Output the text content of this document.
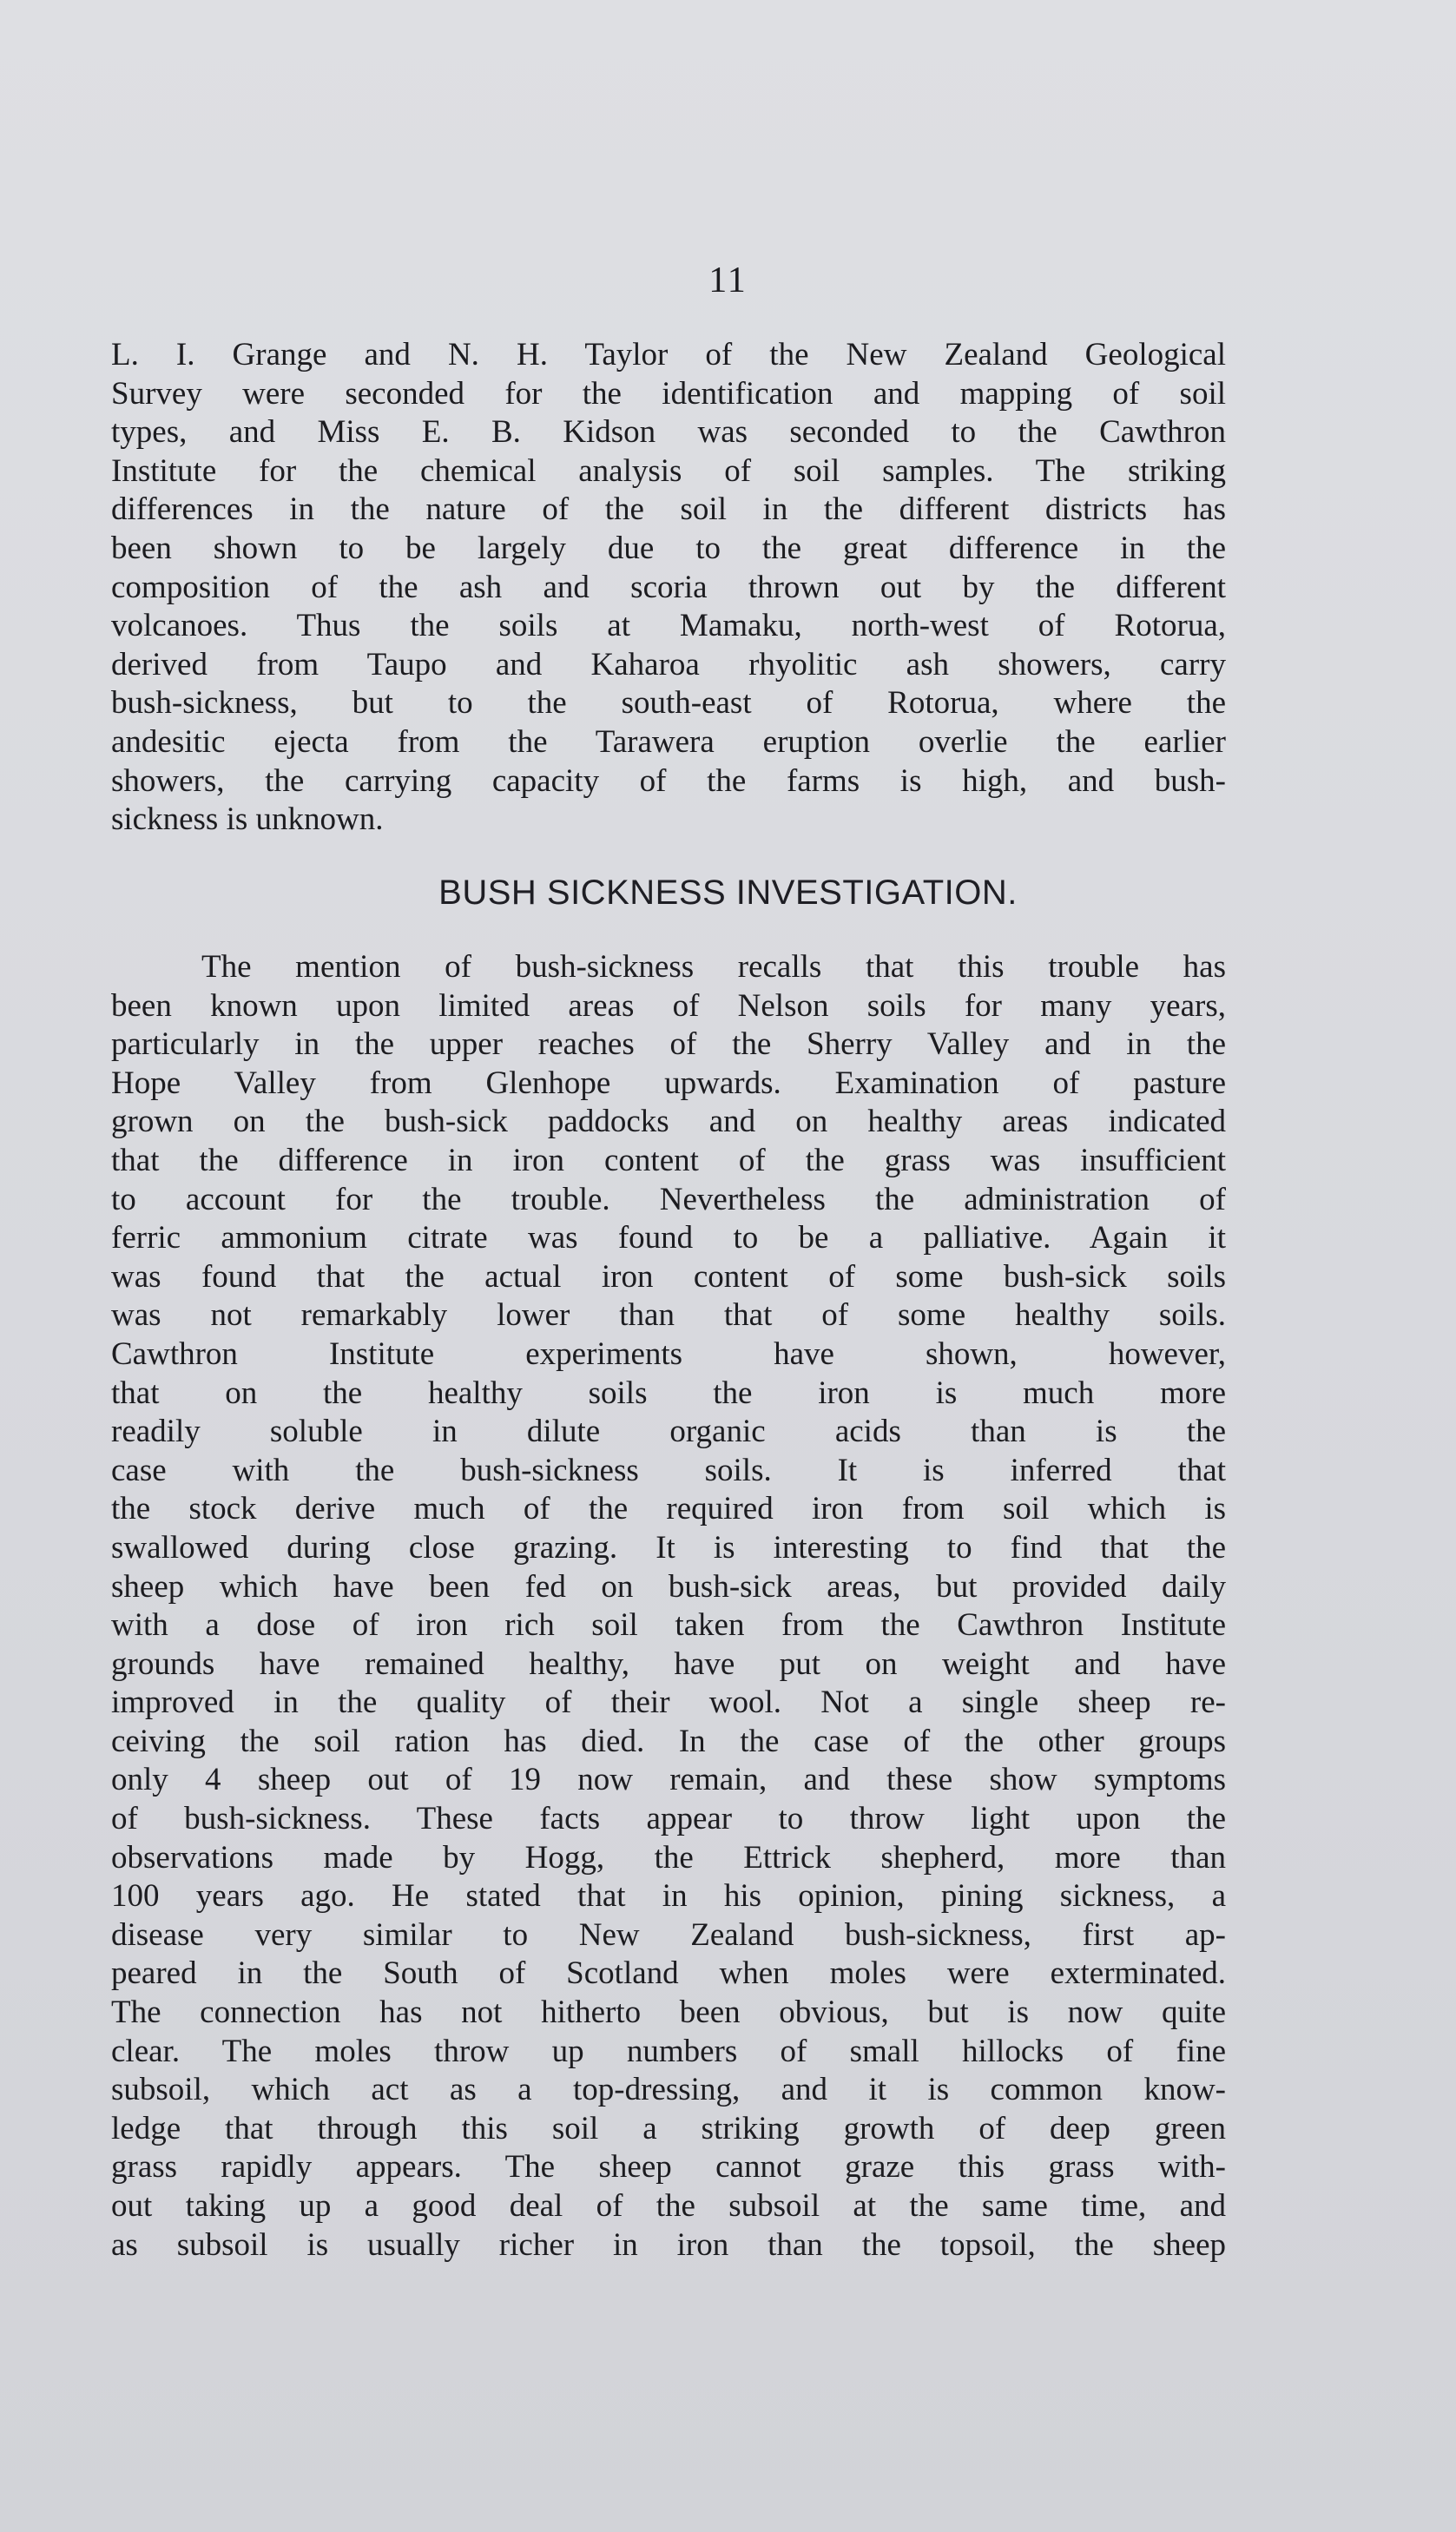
11
L. I. Grange and N. H. Taylor of the New Zealand Geological
Survey were seconded for the identification and mapping of soil
types, and Miss E. B. Kidson was seconded to the Cawthron
Institute for the chemical analysis of soil samples. The striking
differences in the nature of the soil in the different districts has
been shown to be largely due to the great difference in the
composition of the ash and scoria thrown out by the different
volcanoes. Thus the soils at Mamaku, north-west of Rotorua,
derived from Taupo and Kaharoa rhyolitic ash showers, carry
bush-sickness, but to the south-east of Rotorua, where the
andesitic ejecta from the Tarawera eruption overlie the earlier
showers, the carrying capacity of the farms is high, and bush-
sickness is unknown.
BUSH SICKNESS INVESTIGATION.
The mention of bush-sickness recalls that this trouble has
been known upon limited areas of Nelson soils for many years,
particularly in the upper reaches of the Sherry Valley and in the
Hope Valley from Glenhope upwards. Examination of pasture
grown on the bush-sick paddocks and on healthy areas indicated
that the difference in iron content of the grass was insufficient
to account for the trouble. Nevertheless the administration of
ferric ammonium citrate was found to be a palliative. Again it
was found that the actual iron content of some bush-sick soils
was not remarkably lower than that of some healthy soils.
Cawthron Institute experiments have shown, however,
that on the healthy soils the iron is much more
readily soluble in dilute organic acids than is the
case with the bush-sickness soils. It is inferred that
the stock derive much of the required iron from soil which is
swallowed during close grazing. It is interesting to find that the
sheep which have been fed on bush-sick areas, but provided daily
with a dose of iron rich soil taken from the Cawthron Institute
grounds have remained healthy, have put on weight and have
improved in the quality of their wool. Not a single sheep re-
ceiving the soil ration has died. In the case of the other groups
only 4 sheep out of 19 now remain, and these show symptoms
of bush-sickness. These facts appear to throw light upon the
observations made by Hogg, the Ettrick shepherd, more than
100 years ago. He stated that in his opinion, pining sickness, a
disease very similar to New Zealand bush-sickness, first ap-
peared in the South of Scotland when moles were exterminated.
The connection has not hitherto been obvious, but is now quite
clear. The moles throw up numbers of small hillocks of fine
subsoil, which act as a top-dressing, and it is common know-
ledge that through this soil a striking growth of deep green
grass rapidly appears. The sheep cannot graze this grass with-
out taking up a good deal of the subsoil at the same time, and
as subsoil is usually richer in iron than the topsoil, the sheep
